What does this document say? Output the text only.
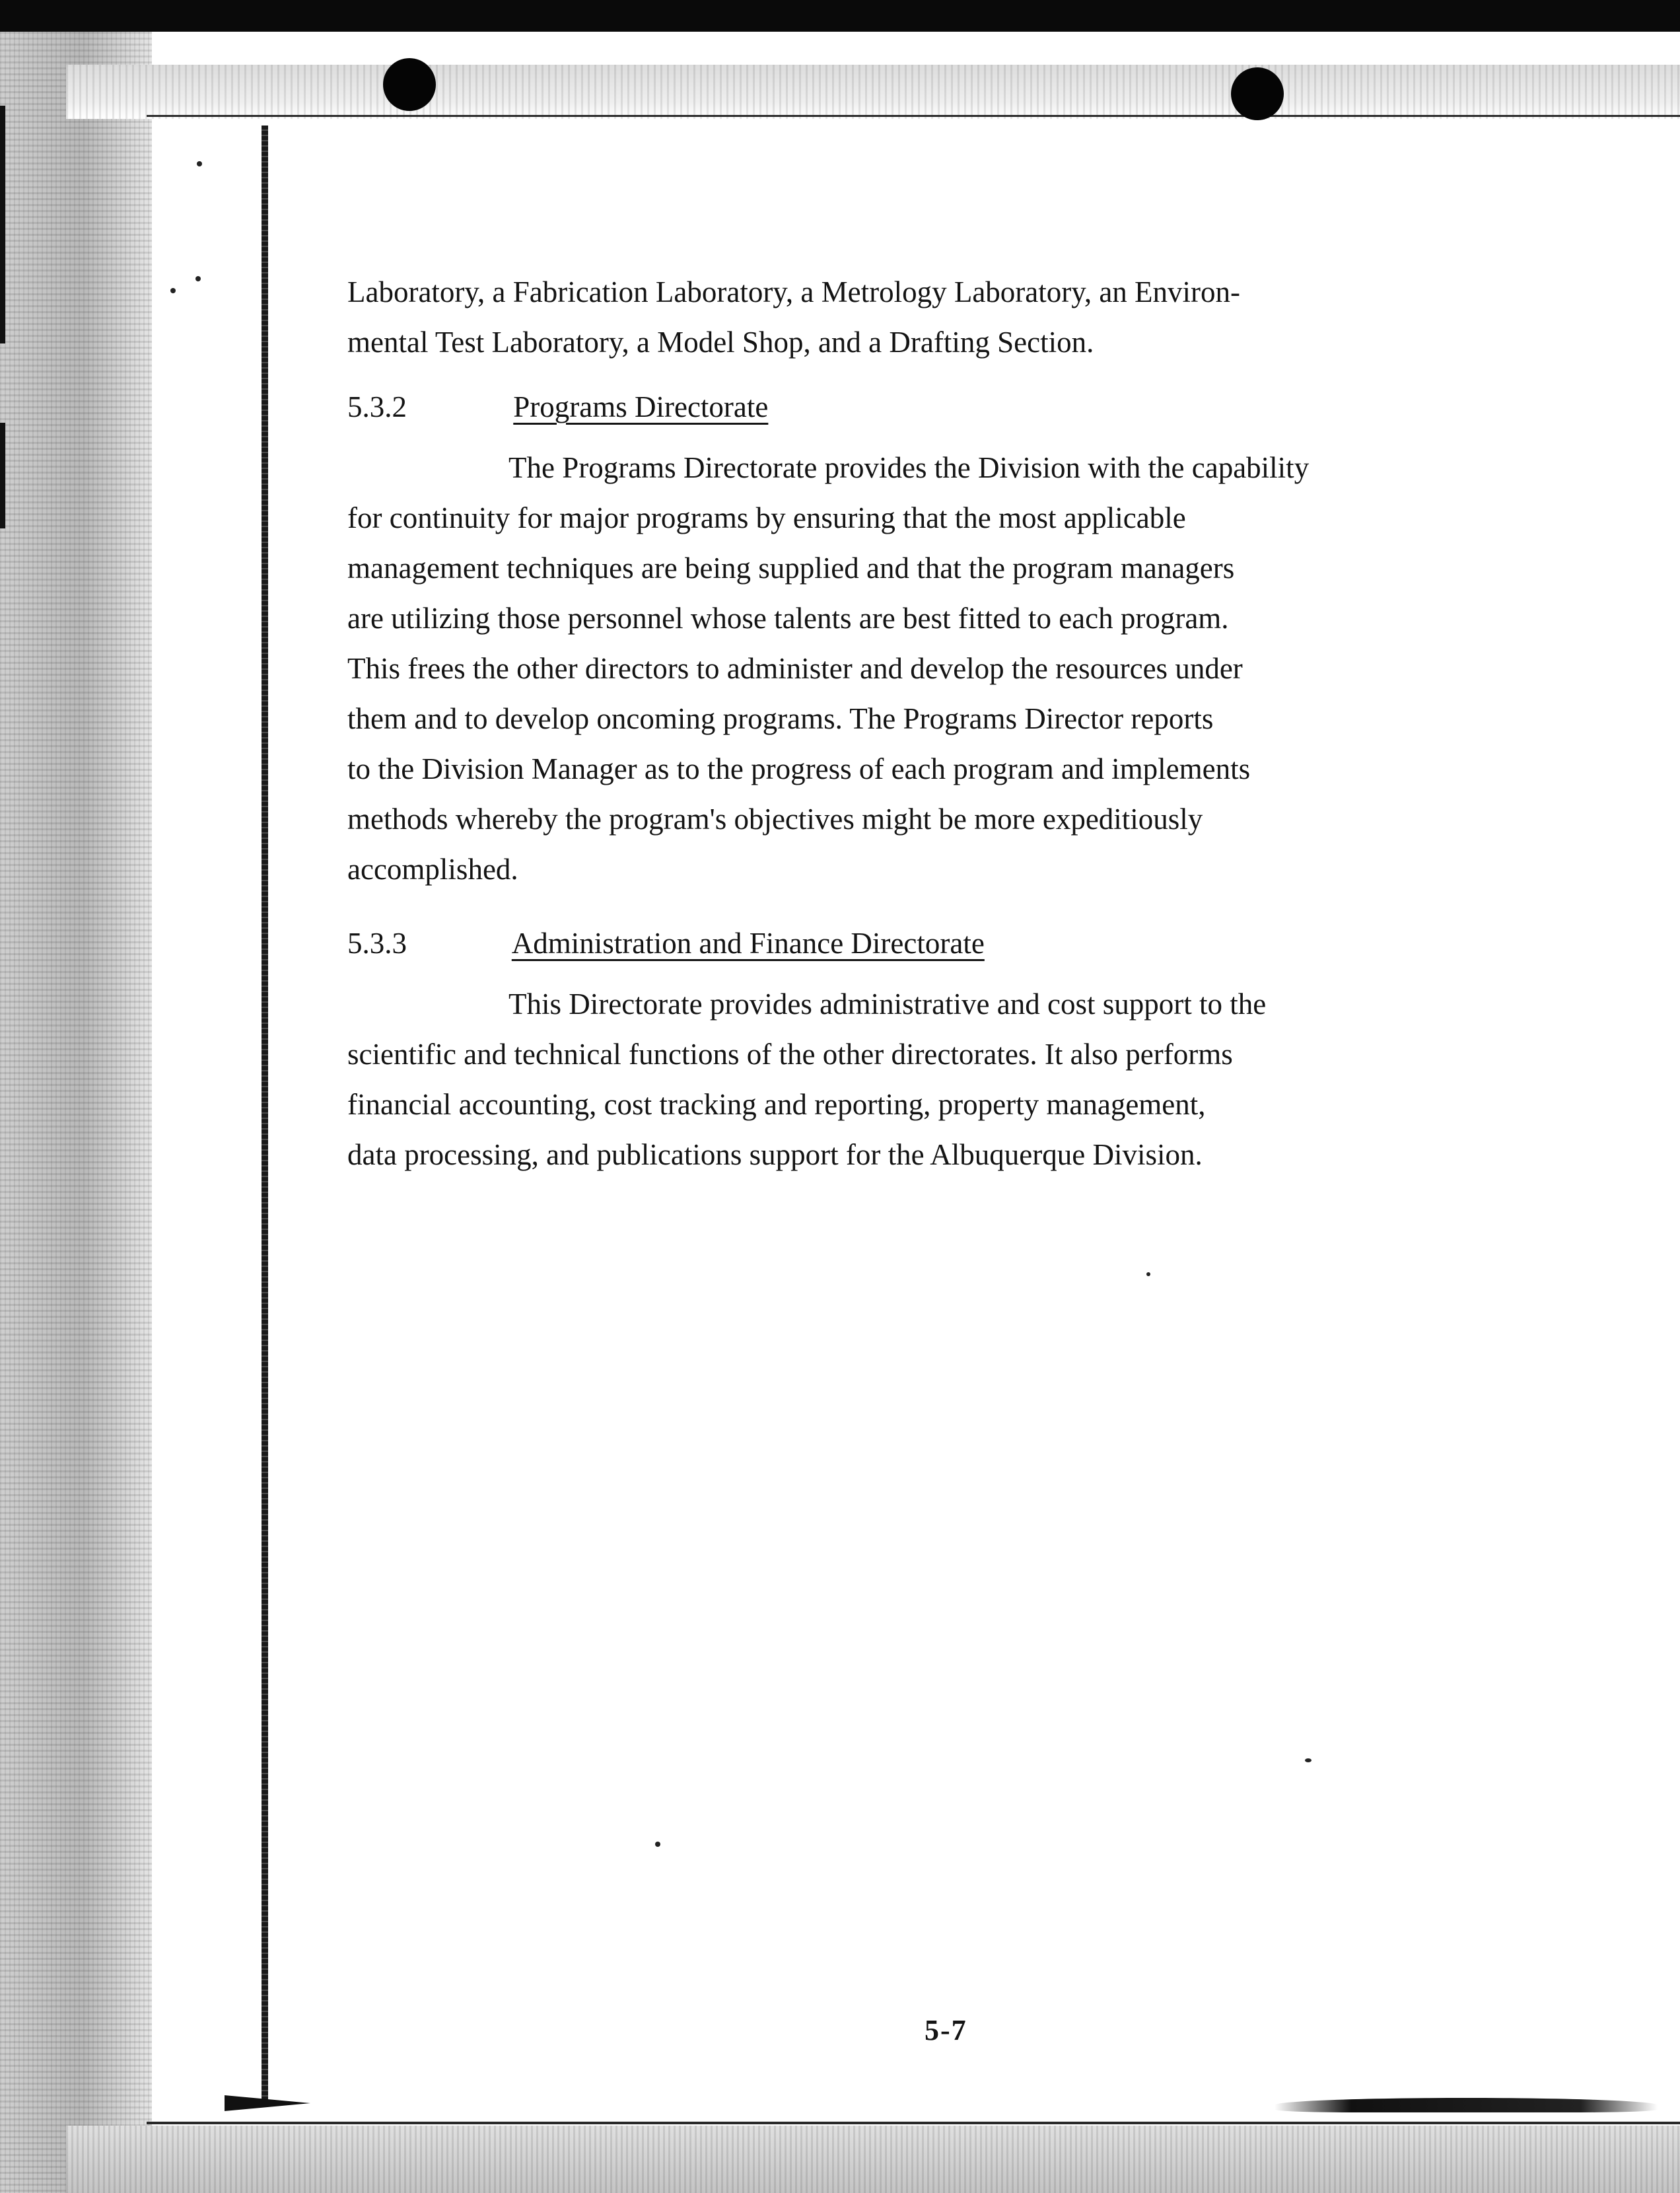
Laboratory, a Fabrication Laboratory, a Metrology Laboratory, an Environ-
mental Test Laboratory, a Model Shop, and a Drafting Section.
5.3.2	Programs Directorate
The Programs Directorate provides the Division with the capability
for continuity for major programs by ensuring that the most applicable
management techniques are being supplied and that the program managers
are utilizing those personnel whose talents are best fitted to each program.
This frees the other directors to administer and develop the resources under
them and to develop oncoming programs. The Programs Director reports
to the Division Manager as to the progress of each program and implements
methods whereby the program's objectives might be more expeditiously
accomplished.
5.3.3	Administration and Finance Directorate
This Directorate provides administrative and cost support to the
scientific and technical functions of the other directorates. It also performs
financial accounting, cost tracking and reporting, property management,
data processing, and publications support for the Albuquerque Division.
5-7
